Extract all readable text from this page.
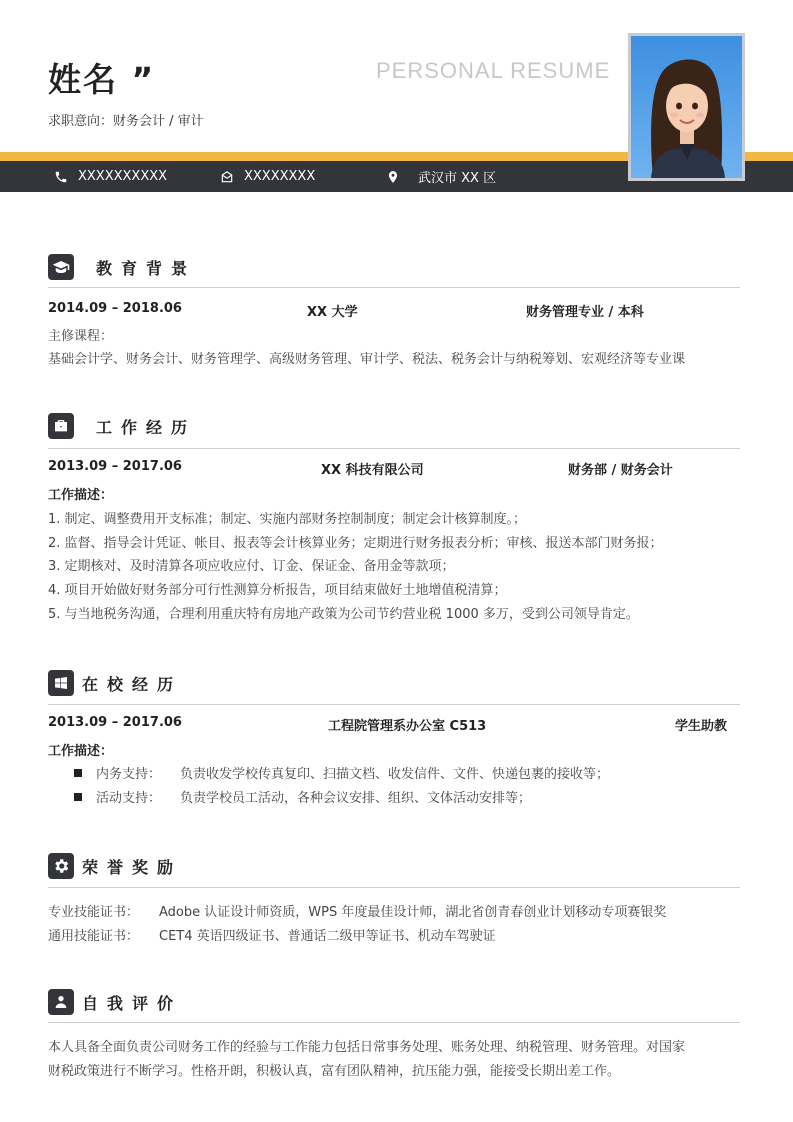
姓名 ”
求职意向：财务会计 / 审计
PERSONAL RESUME
XXXXXXXXXX	XXXXXXXX	武汉市 XX 区
教育背景
2014.09 – 2018.06	XX 大学	财务管理专业 / 本科
主修课程：
基础会计学、财务会计、财务管理学、高级财务管理、审计学、税法、税务会计与纳税筹划、宏观经济等专业课
工作经历
2013.09 – 2017.06	XX 科技有限公司	财务部 / 财务会计
工作描述：
1. 制定、调整费用开支标准；制定、实施内部财务控制制度；制定会计核算制度。；
2. 监督、指导会计凭证、帐目、报表等会计核算业务；定期进行财务报表分析；审核、报送本部门财务报；
3. 定期核对、及时清算各项应收应付、订金、保证金、备用金等款项；
4. 项目开始做好财务部分可行性测算分析报告，项目结束做好土地增值税清算；
5. 与当地税务沟通，合理利用重庆特有房地产政策为公司节约营业税 1000 多万，受到公司领导肯定。
在校经历
2013.09 – 2017.06	工程院管理系办公室 C513	学生助教
工作描述：
内务支持： 负责收发学校传真复印、扫描文档、收发信件、文件、快递包裹的接收等；
活动支持： 负责学校员工活动，各种会议安排、组织、文体活动安排等；
荣誉奖励
专业技能证书： Adobe 认证设计师资质，WPS 年度最佳设计师，湖北省创青春创业计划移动专项赛银奖
通用技能证书： CET4 英语四级证书、普通话二级甲等证书、机动车驾驶证
自我评价
本人具备全面负责公司财务工作的经验与工作能力包括日常事务处理、账务处理、纳税管理、财务管理。对国家
财税政策进行不断学习。性格开朗，积极认真，富有团队精神，抗压能力强，能接受长期出差工作。
